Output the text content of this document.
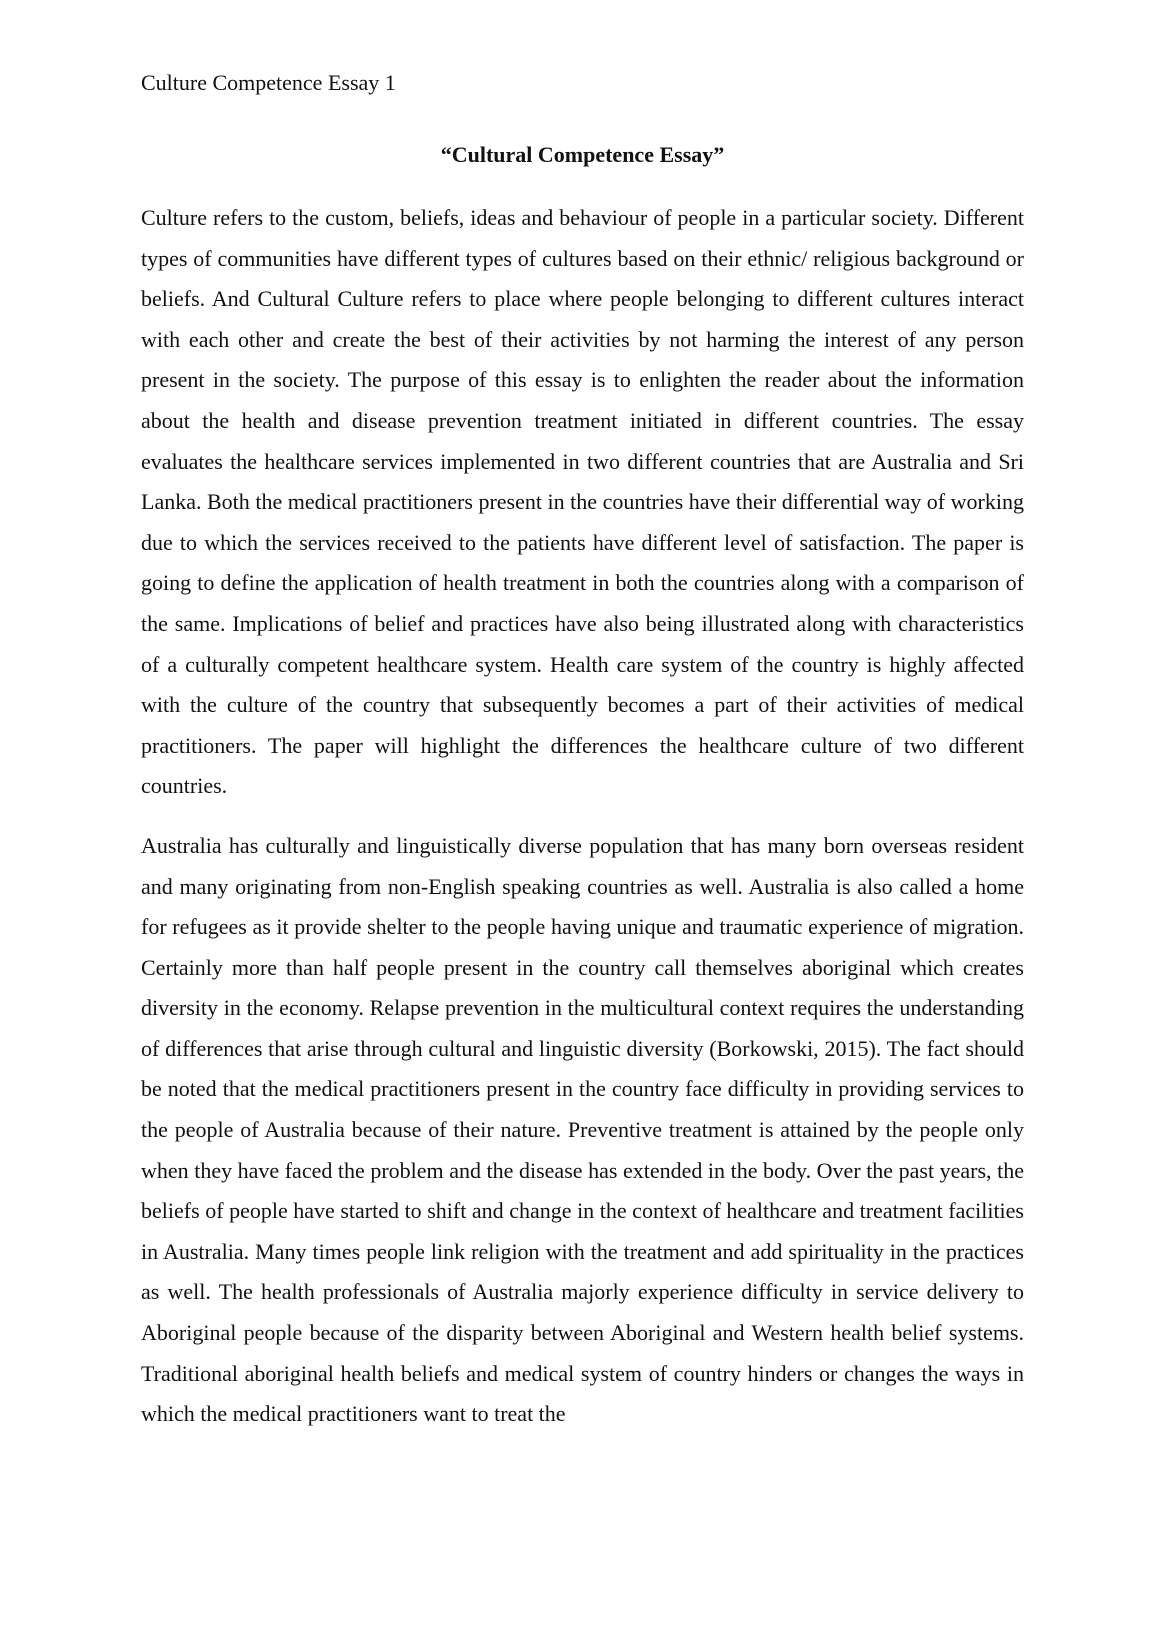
Culture Competence Essay 1
“Cultural Competence Essay”

Culture refers to the custom, beliefs, ideas and behaviour of people in a particular society. Different types of communities have different types of cultures based on their ethnic/ religious background or beliefs. And Cultural Culture refers to place where people belonging to different cultures interact with each other and create the best of their activities by not harming the interest of any person present in the society. The purpose of this essay is to enlighten the reader about the information about the health and disease prevention treatment initiated in different countries. The essay evaluates the healthcare services implemented in two different countries that are Australia and Sri Lanka. Both the medical practitioners present in the countries have their differential way of working due to which the services received to the patients have different level of satisfaction. The paper is going to define the application of health treatment in both the countries along with a comparison of the same. Implications of belief and practices have also being illustrated along with characteristics of a culturally competent healthcare system. Health care system of the country is highly affected with the culture of the country that subsequently becomes a part of their activities of medical practitioners. The paper will highlight the differences the healthcare culture of two different countries.

Australia has culturally and linguistically diverse population that has many born overseas resident and many originating from non-English speaking countries as well. Australia is also called a home for refugees as it provide shelter to the people having unique and traumatic experience of migration. Certainly more than half people present in the country call themselves aboriginal which creates diversity in the economy. Relapse prevention in the multicultural context requires the understanding of differences that arise through cultural and linguistic diversity (Borkowski, 2015). The fact should be noted that the medical practitioners present in the country face difficulty in providing services to the people of Australia because of their nature. Preventive treatment is attained by the people only when they have faced the problem and the disease has extended in the body. Over the past years, the beliefs of people have started to shift and change in the context of healthcare and treatment facilities in Australia. Many times people link religion with the treatment and add spirituality in the practices as well. The health professionals of Australia majorly experience difficulty in service delivery to Aboriginal people because of the disparity between Aboriginal and Western health belief systems. Traditional aboriginal health beliefs and medical system of country hinders or changes the ways in which the medical practitioners want to treat the
